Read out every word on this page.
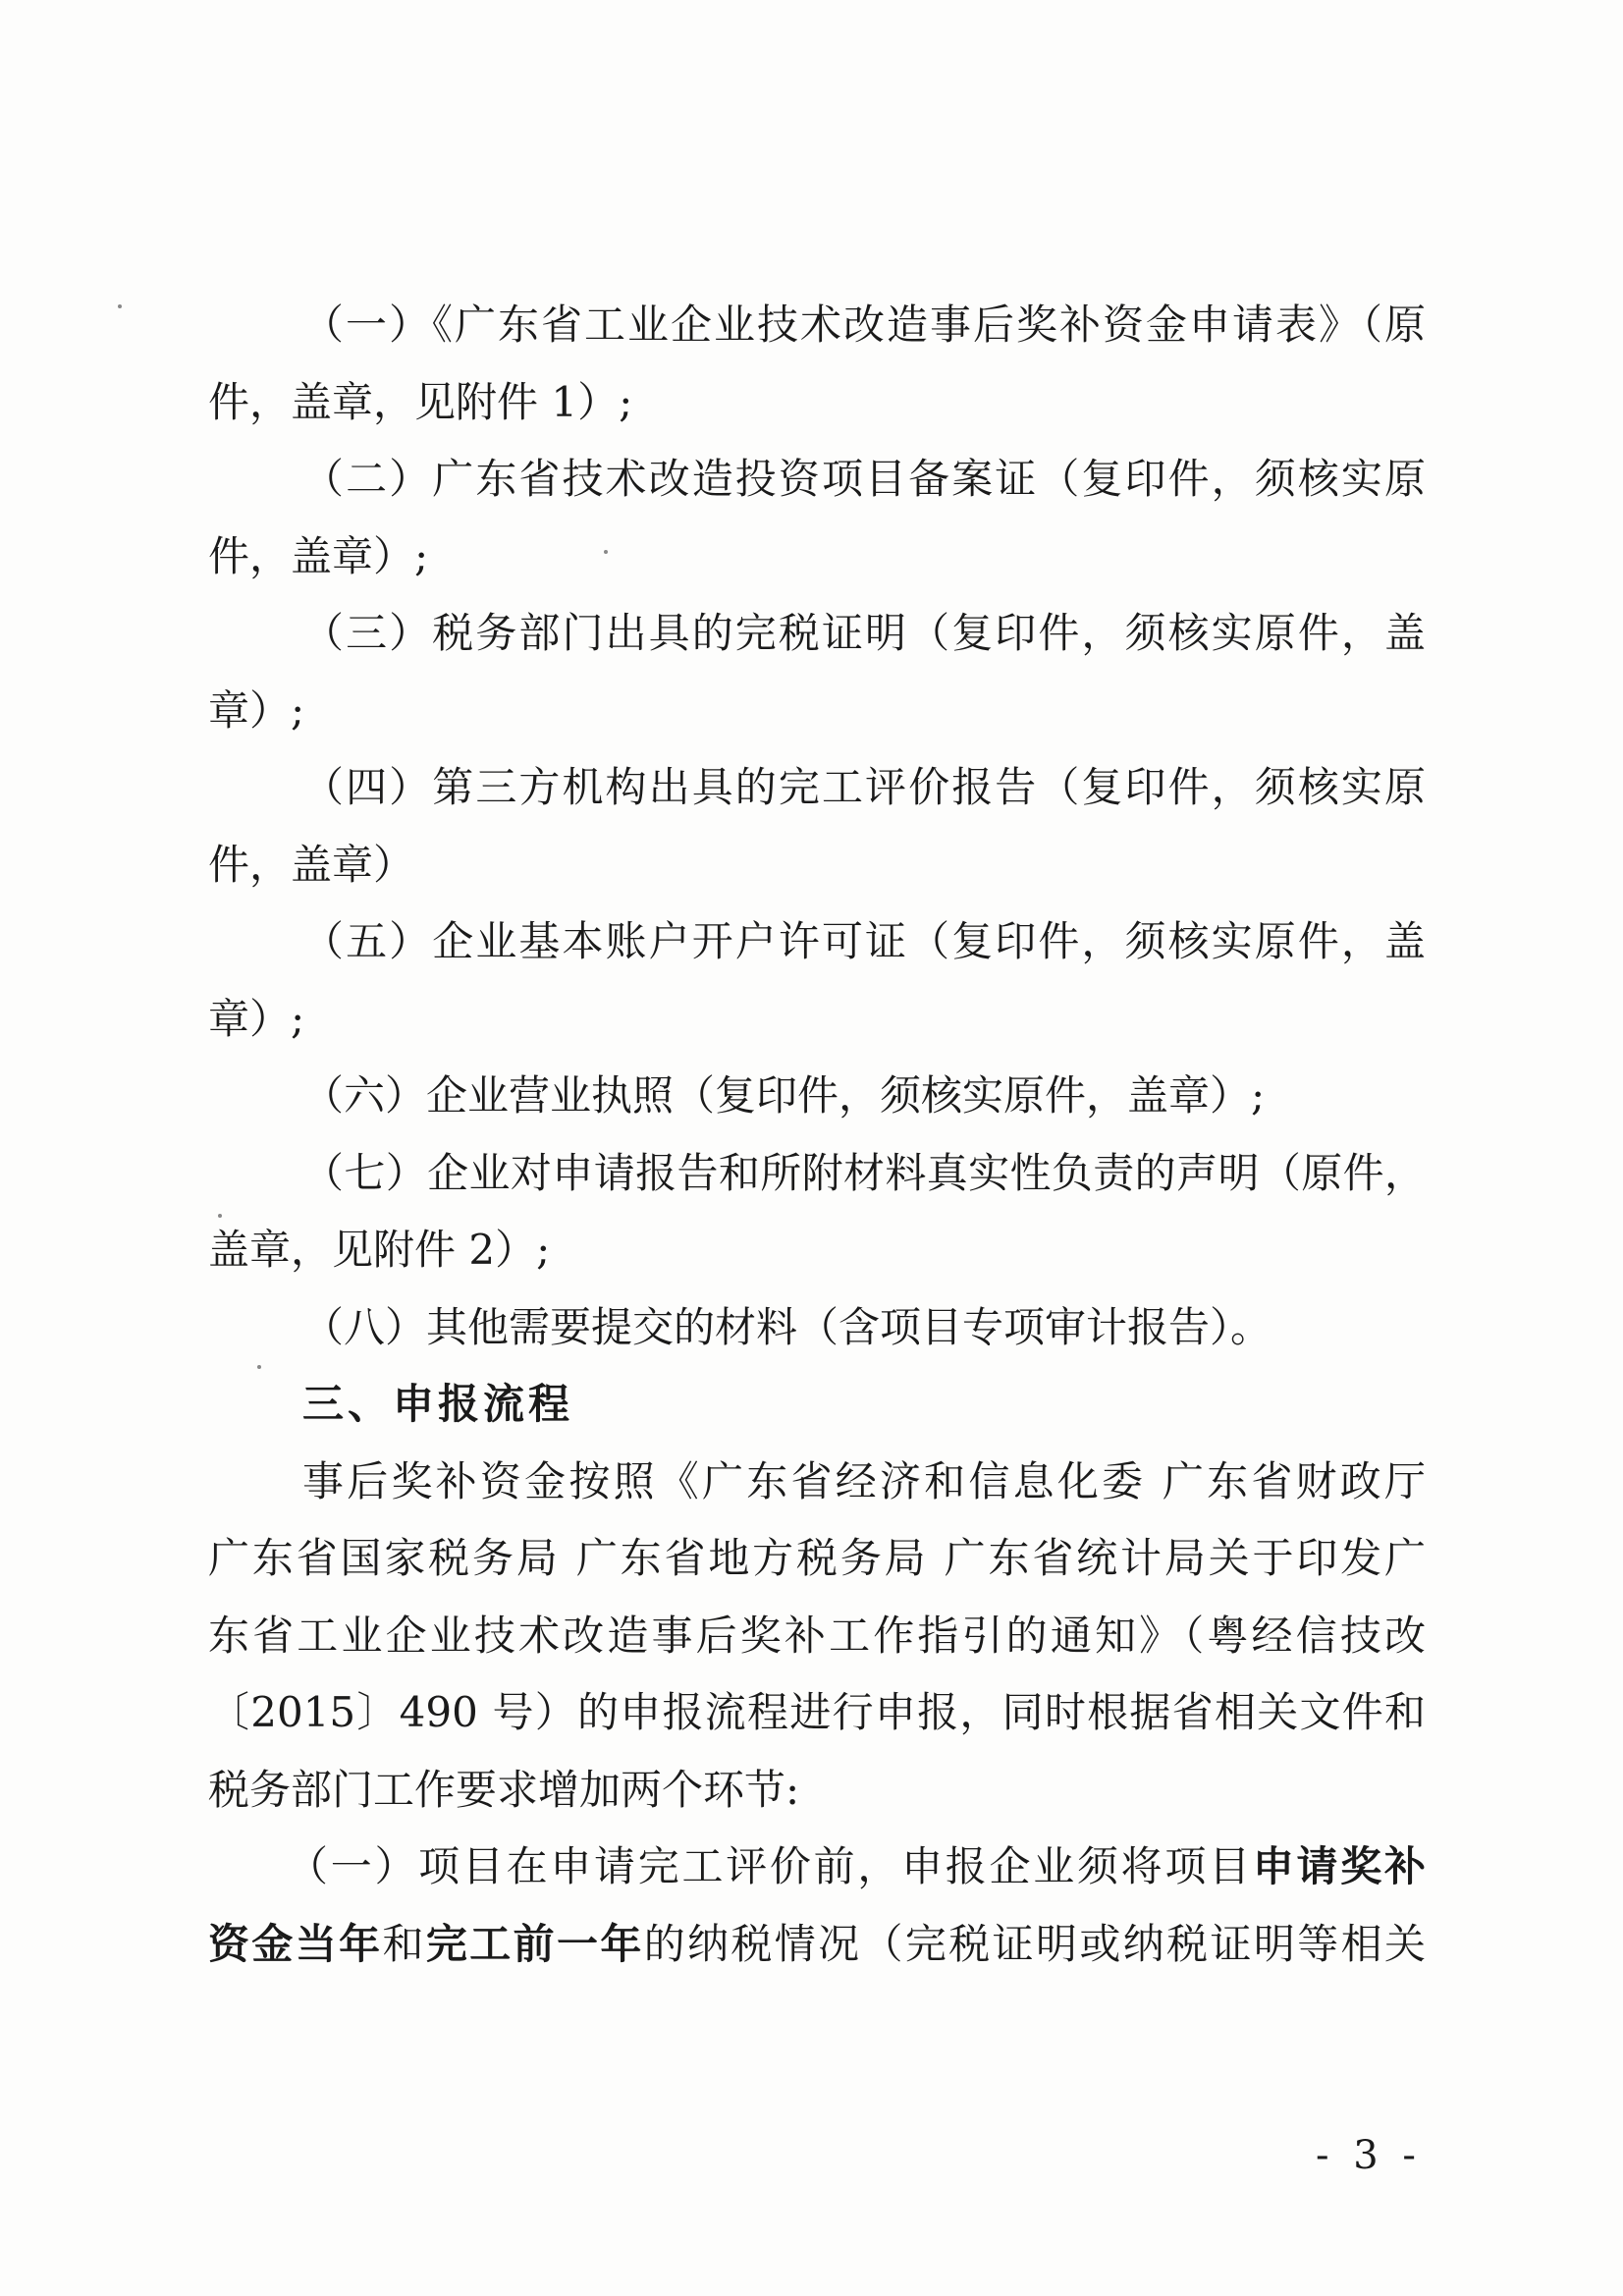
（一）《广东省工业企业技术改造事后奖补资金申请表》（原
件，盖章，见附件 1）;
（二）广东省技术改造投资项目备案证（复印件，须核实原
件，盖章）;
（三）税务部门出具的完税证明（复印件，须核实原件，盖
章）;
（四）第三方机构出具的完工评价报告（复印件，须核实原
件，盖章）
（五）企业基本账户开户许可证（复印件，须核实原件，盖
章）;
（六）企业营业执照（复印件，须核实原件，盖章）;
（七）企业对申请报告和所附材料真实性负责的声明（原件，
盖章，见附件 2）;
（八）其他需要提交的材料（含项目专项审计报告）。
三、申报流程
事后奖补资金按照《广东省经济和信息化委 广东省财政厅
广东省国家税务局 广东省地方税务局 广东省统计局关于印发广
东省工业企业技术改造事后奖补工作指引的通知》（粤经信技改
〔2015〕490 号）的申报流程进行申报，同时根据省相关文件和
税务部门工作要求增加两个环节:
（一）项目在申请完工评价前，申报企业须将项目申请奖补
资金当年和完工前一年的纳税情况（完税证明或纳税证明等相关
- 3 -
